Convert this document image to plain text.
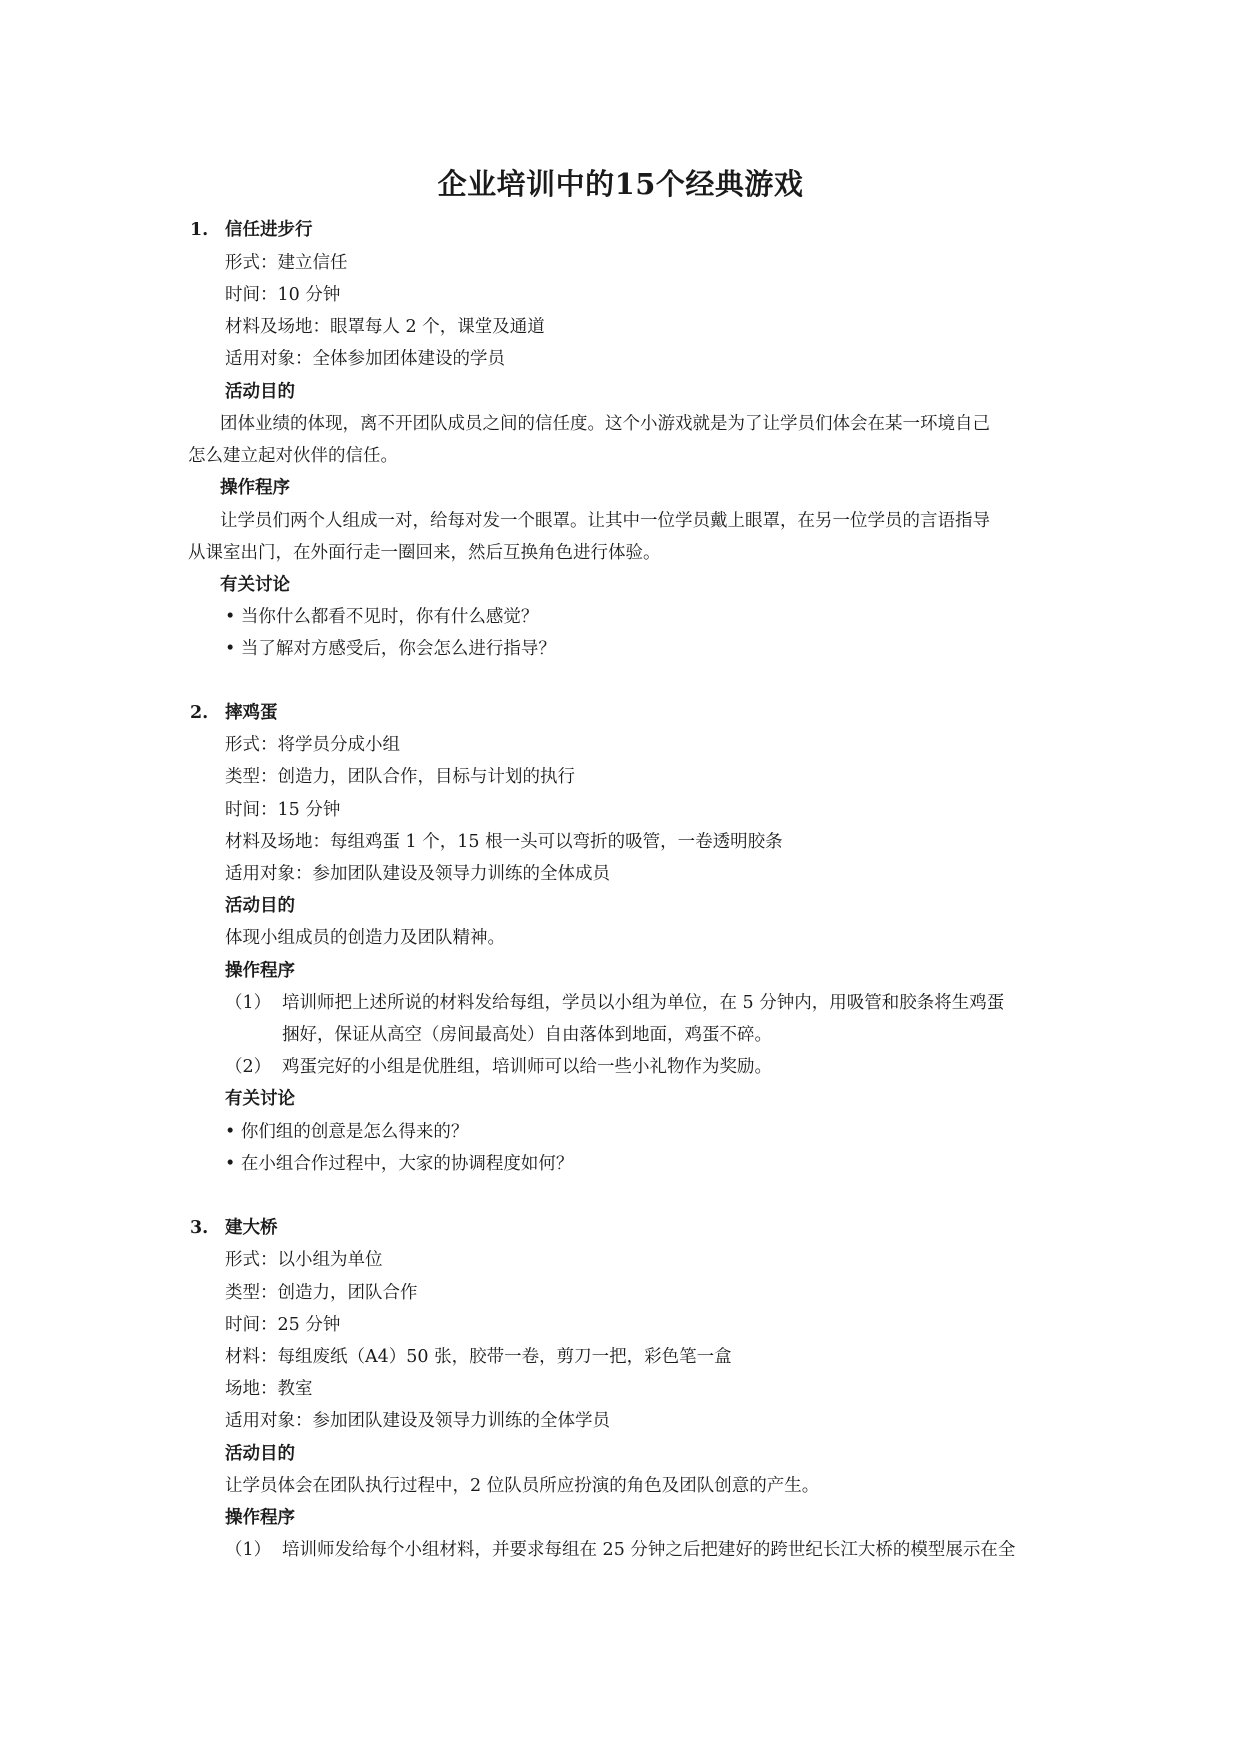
企业培训中的15个经典游戏
1. 信任进步行
形式：建立信任
时间：10 分钟
材料及场地：眼罩每人 2 个，课堂及通道
适用对象：全体参加团体建设的学员
活动目的
团体业绩的体现，离不开团队成员之间的信任度。这个小游戏就是为了让学员们体会在某一环境自己
怎么建立起对伙伴的信任。
操作程序
让学员们两个人组成一对，给每对发一个眼罩。让其中一位学员戴上眼罩，在另一位学员的言语指导
从课室出门，在外面行走一圈回来，然后互换角色进行体验。
有关讨论
• 当你什么都看不见时，你有什么感觉？
• 当了解对方感受后，你会怎么进行指导？
2. 摔鸡蛋
形式：将学员分成小组
类型：创造力，团队合作，目标与计划的执行
时间：15 分钟
材料及场地：每组鸡蛋 1 个，15 根一头可以弯折的吸管，一卷透明胶条
适用对象：参加团队建设及领导力训练的全体成员
活动目的
体现小组成员的创造力及团队精神。
操作程序
（1） 培训师把上述所说的材料发给每组，学员以小组为单位，在 5 分钟内，用吸管和胶条将生鸡蛋
捆好，保证从高空（房间最高处）自由落体到地面，鸡蛋不碎。
（2） 鸡蛋完好的小组是优胜组，培训师可以给一些小礼物作为奖励。
有关讨论
• 你们组的创意是怎么得来的？
• 在小组合作过程中，大家的协调程度如何？
3. 建大桥
形式：以小组为单位
类型：创造力，团队合作
时间：25 分钟
材料：每组废纸（A4）50 张，胶带一卷，剪刀一把，彩色笔一盒
场地：教室
适用对象：参加团队建设及领导力训练的全体学员
活动目的
让学员体会在团队执行过程中，2 位队员所应扮演的角色及团队创意的产生。
操作程序
（1） 培训师发给每个小组材料，并要求每组在 25 分钟之后把建好的跨世纪长江大桥的模型展示在全
